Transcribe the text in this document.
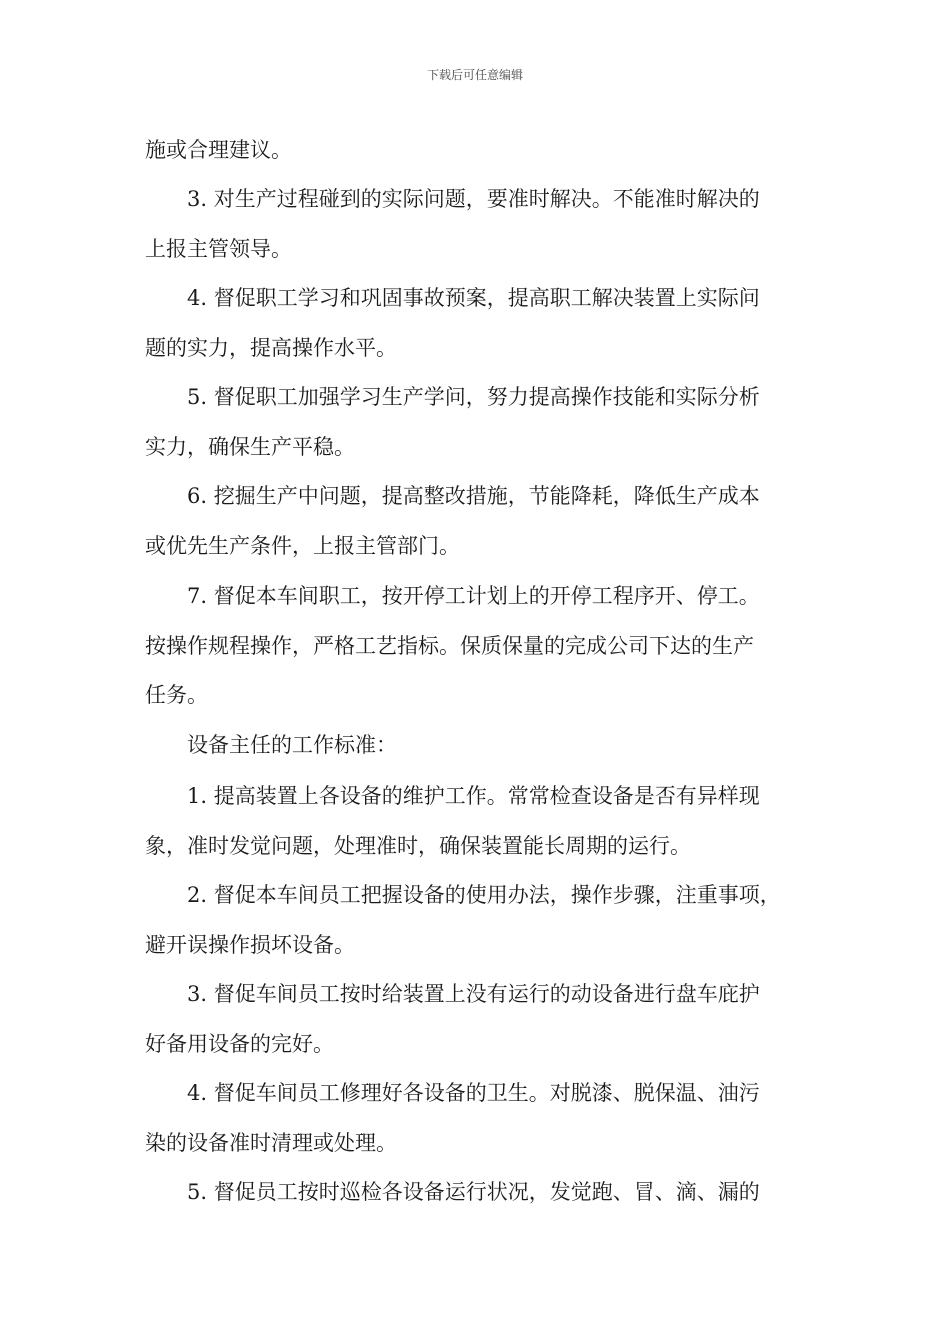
下载后可任意编辑
施或合理建议。
3. 对生产过程碰到的实际问题，要准时解决。不能准时解决的
上报主管领导。
4. 督促职工学习和巩固事故预案，提高职工解决装置上实际问
题的实力，提高操作水平。
5. 督促职工加强学习生产学问，努力提高操作技能和实际分析
实力，确保生产平稳。
6. 挖掘生产中问题，提高整改措施，节能降耗，降低生产成本
或优先生产条件，上报主管部门。
7. 督促本车间职工，按开停工计划上的开停工程序开、停工。
按操作规程操作，严格工艺指标。保质保量的完成公司下达的生产
任务。
设备主任的工作标准：
1. 提高装置上各设备的维护工作。常常检查设备是否有异样现
象，准时发觉问题，处理准时，确保装置能长周期的运行。
2. 督促本车间员工把握设备的使用办法，操作步骤，注重事项，
避开误操作损坏设备。
3. 督促车间员工按时给装置上没有运行的动设备进行盘车庇护
好备用设备的完好。
4. 督促车间员工修理好各设备的卫生。对脱漆、脱保温、油污
染的设备准时清理或处理。
5. 督促员工按时巡检各设备运行状况，发觉跑、冒、滴、漏的
